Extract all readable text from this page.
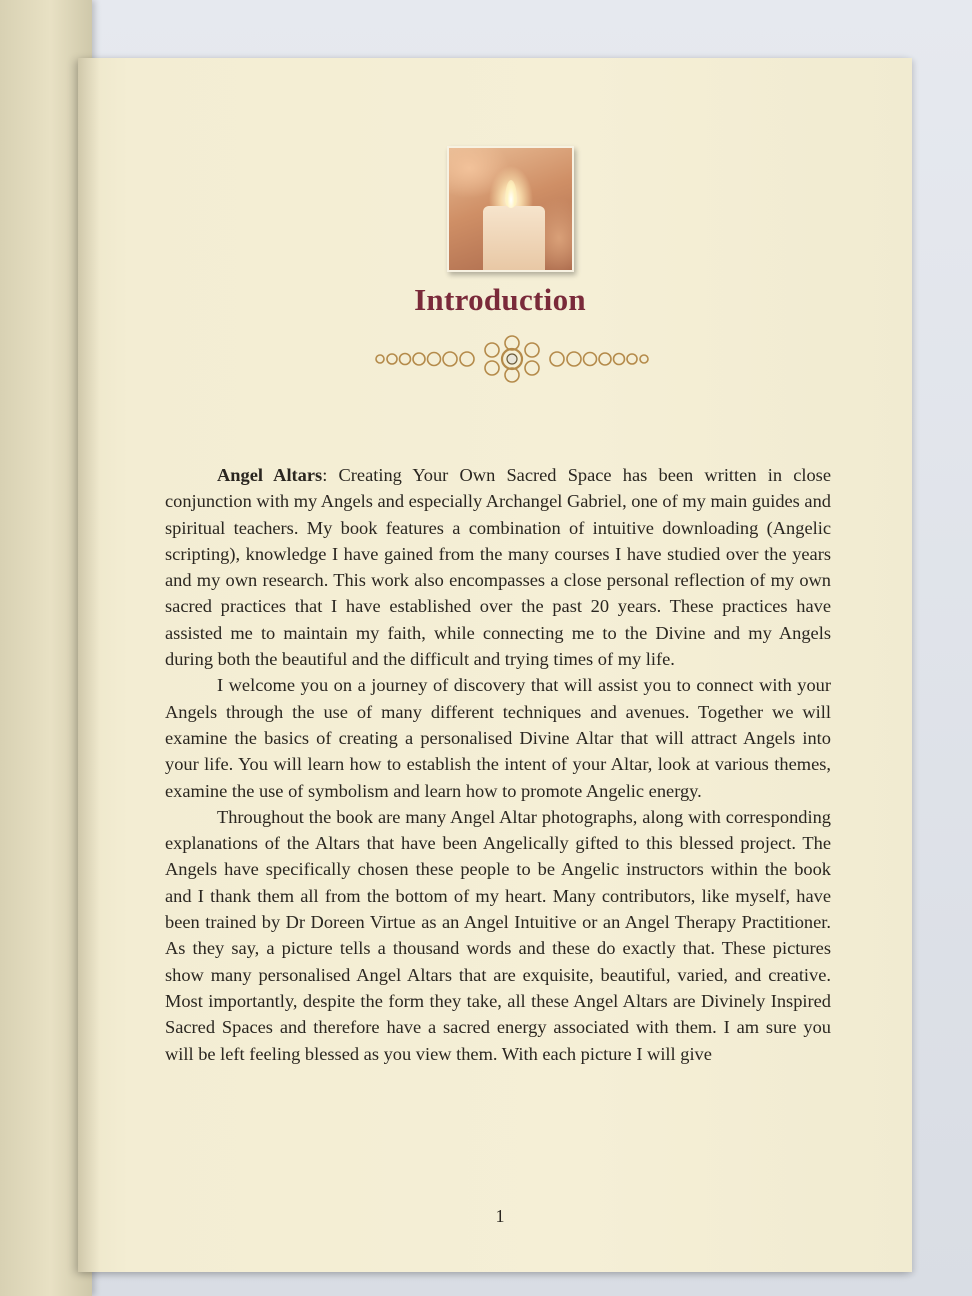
Introduction

Angel Altars: Creating Your Own Sacred Space has been written in close conjunction with my Angels and especially Archangel Gabriel, one of my main guides and spiritual teachers. My book features a combination of intuitive downloading (Angelic scripting), knowledge I have gained from the many courses I have studied over the years and my own research. This work also encompasses a close personal reflection of my own sacred practices that I have established over the past 20 years. These practices have assisted me to maintain my faith, while connecting me to the Divine and my Angels during both the beautiful and the difficult and trying times of my life.

I welcome you on a journey of discovery that will assist you to connect with your Angels through the use of many different techniques and avenues. Together we will examine the basics of creating a personalised Divine Altar that will attract Angels into your life. You will learn how to establish the intent of your Altar, look at various themes, examine the use of symbolism and learn how to promote Angelic energy.

Throughout the book are many Angel Altar photographs, along with corresponding explanations of the Altars that have been Angelically gifted to this blessed project. The Angels have specifically chosen these people to be Angelic instructors within the book and I thank them all from the bottom of my heart. Many contributors, like myself, have been trained by Dr Doreen Virtue as an Angel Intuitive or an Angel Therapy Practitioner. As they say, a picture tells a thousand words and these do exactly that. These pictures show many personalised Angel Altars that are exquisite, beautiful, varied, and creative. Most importantly, despite the form they take, all these Angel Altars are Divinely Inspired Sacred Spaces and therefore have a sacred energy associated with them. I am sure you will be left feeling blessed as you view them. With each picture I will give

1
